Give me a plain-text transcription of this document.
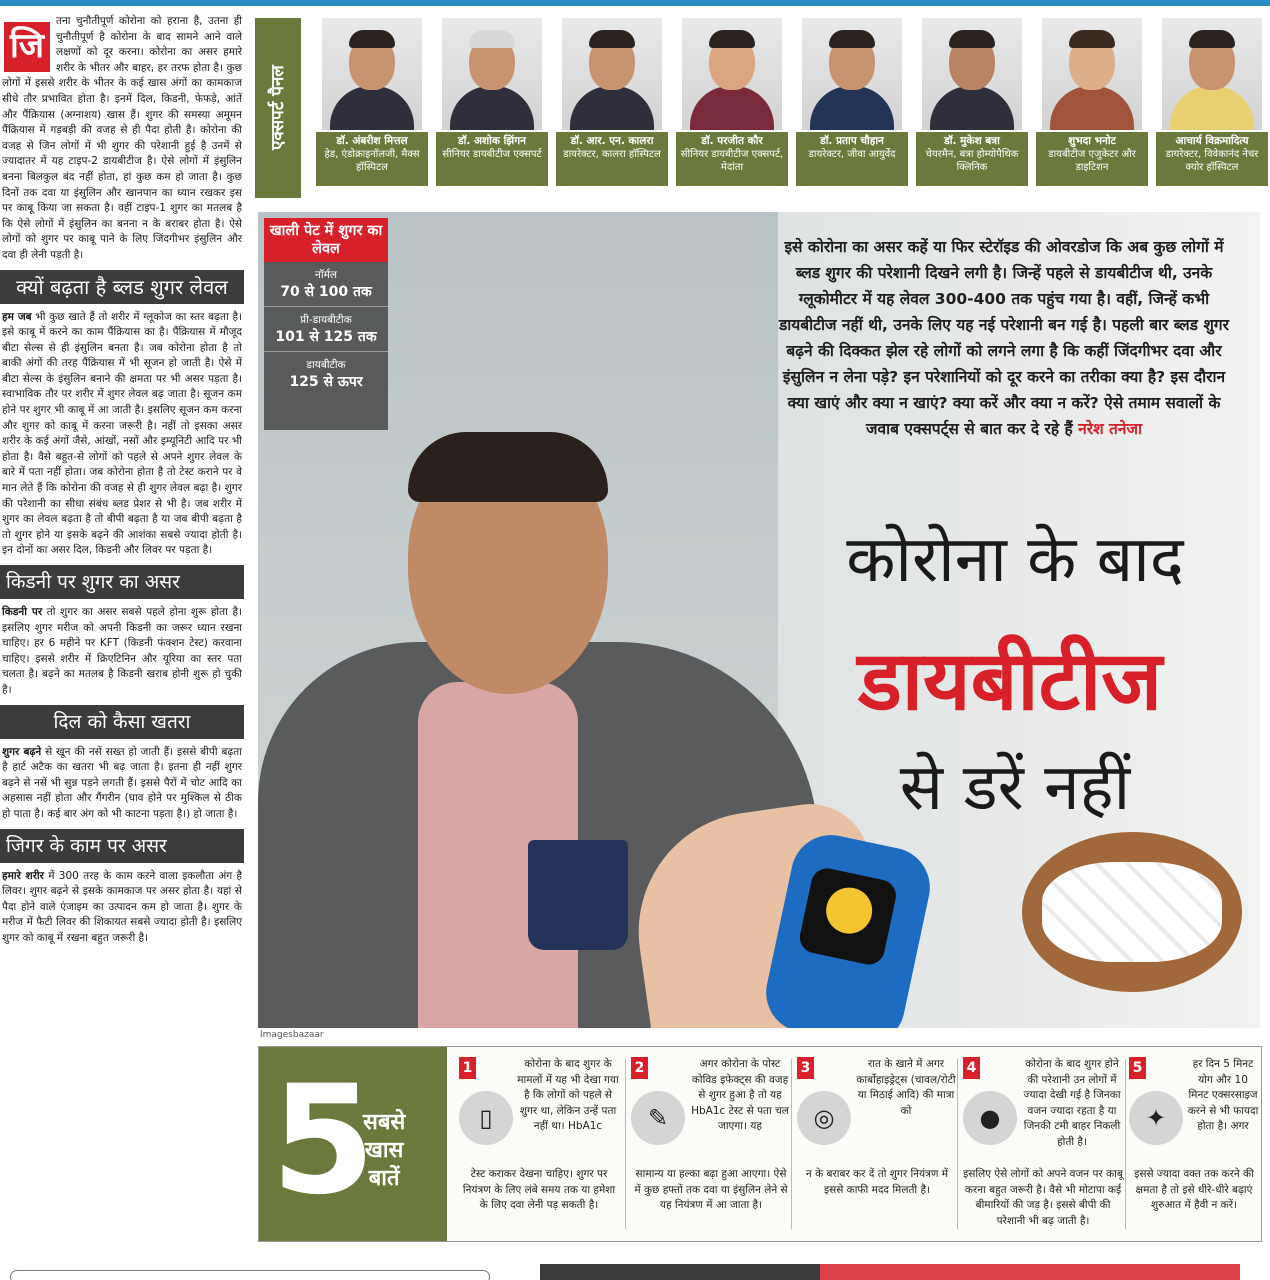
जि

तना चुनौतीपूर्ण कोरोना को हराना है, उतना ही चुनौतीपूर्ण है कोरोना के बाद सामने आने वाले लक्षणों को दूर करना। कोरोना का असर हमारे शरीर के भीतर और बाहर, हर तरफ होता है। कुछ लोगों में इससे शरीर के भीतर के कई खास अंगों का कामकाज सीधे तौर प्रभावित होता है। इनमें दिल, किडनी, फेफड़े, आंतें और पैंक्रियास (अग्नाशय) खास हैं। शुगर की समस्या अमूमन पैंक्रियास में गड़बड़ी की वजह से ही पैदा होती है। कोरोना की वजह से जिन लोगों में भी शुगर की परेशानी हुई है उनमें से ज्यादातर में यह टाइप-2 डायबीटीज है। ऐसे लोगों में इंसुलिन बनना बिलकुल बंद नहीं होता, हां कुछ कम हो जाता है। कुछ दिनों तक दवा या इंसुलिन और खानपान का ध्यान रखकर इस पर काबू किया जा सकता है। वहीं टाइप-1 शुगर का मतलब है कि ऐसे लोगों में इंसुलिन का बनना न के बराबर होता है। ऐसे लोगों को शुगर पर काबू पाने के लिए जिंदगीभर इंसुलिन और दवा ही लेनी पड़ती है।

क्यों बढ़ता है ब्लड शुगर लेवल

हम जब भी कुछ खाते हैं तो शरीर में ग्लूकोज का स्तर बढ़ता है। इसे काबू में करने का काम पैंक्रियास का है। पैंक्रियास में मौजूद बीटा सेल्स से ही इंसुलिन बनता है। जब कोरोना होता है तो बाकी अंगों की तरह पैंक्रियास में भी सूजन हो जाती है। ऐसे में बीटा सेल्स के इंसुलिन बनाने की क्षमता पर भी असर पड़ता है। स्वाभाविक तौर पर शरीर में शुगर लेवल बढ़ जाता है। सूजन कम होने पर शुगर भी काबू में आ जाती है। इसलिए सूजन कम करना और शुगर को काबू में करना जरूरी है। नहीं तो इसका असर शरीर के कई अंगों जैसे, आंखों, नसों और इम्यूनिटी आदि पर भी होता है। वैसे बहुत-से लोगों को पहले से अपने शुगर लेवल के बारे में पता नहीं होता। जब कोरोना होता है तो टेस्ट कराने पर वे मान लेते हैं कि कोरोना की वजह से ही शुगर लेवल बढ़ा है। शुगर की परेशानी का सीधा संबंध ब्लड प्रेशर से भी है। जब शरीर में शुगर का लेवल बढ़ता है तो बीपी बढ़ता है या जब बीपी बढ़ता है तो शुगर होने या इसके बढ़ने की आशंका सबसे ज्यादा होती है। इन दोनों का असर दिल, किडनी और लिवर पर पड़ता है।

किडनी पर शुगर का असर

किडनी पर तो शुगर का असर सबसे पहले होना शुरू होता है। इसलिए शुगर मरीज को अपनी किडनी का जरूर ध्यान रखना चाहिए। हर 6 महीने पर KFT (किडनी फंक्शन टेस्ट) करवाना चाहिए। इससे शरीर में क्रिएटिनिन और यूरिया का स्तर पता चलता है। बढ़ने का मतलब है किडनी खराब होनी शुरू हो चुकी है।

दिल को कैसा खतरा

शुगर बढ़ने से खून की नसें सख्त हो जाती हैं। इससे बीपी बढ़ता है हार्ट अटैक का खतरा भी बढ़ जाता है। इतना ही नहीं शुगर बढ़ने से नसें भी सुन्न पड़ने लगती हैं। इससे पैरों में चोट आदि का अहसास नहीं होता और गैंगरीन (घाव होने पर मुश्किल से ठीक हो पाता है। कई बार अंग को भी काटना पड़ता है।) हो जाता है।

जिगर के काम पर असर

हमारे शरीर में 300 तरह के काम करने वाला इकलौता अंग है लिवर। शुगर बढ़ने से इसके कामकाज पर असर होता है। यहां से पैदा होने वाले एंजाइम का उत्पादन कम हो जाता है। शुगर के मरीज में फैटी लिवर की शिकायत सबसे ज्यादा होती है। इसलिए शुगर को काबू में रखना बहुत जरूरी है।

एक्सपर्ट पैनल	डॉ. अंबरीश मित्तल
हेड, एंडोक्राइनॉलजी, मैक्स हॉस्पिटल
डॉ. अशोक झिंगन
सीनियर डायबीटीज एक्सपर्ट
डॉ. आर. एन. कालरा
डायरेक्टर, कालरा हॉस्पिटल
डॉ. परजीत कौर
सीनियर डायबीटीज एक्सपर्ट, मेदांता
डॉ. प्रताप चौहान
डायरेक्टर, जीवा आयुर्वेद
डॉ. मुकेश बत्रा
चेयरमैन, बत्रा होम्योपैथिक क्लिनिक
शुभदा भनोट
डायबीटीज एजुकेटर और डाइटिशन
आचार्य विक्रमादित्य
डायरेक्टर, विवेकानंद नेचर क्योर हॉस्पिटल
Imagesbazaar
खाली पेट में शुगर का लेवल
नॉर्मल
70 से 100 तक
प्री-डायबीटीक
101 से 125 तक
डायबीटीक
125 से ऊपर
इसे कोरोना का असर कहें या फिर स्टेरॉइड की ओवरडोज कि अब कुछ लोगों में ब्लड शुगर की परेशानी दिखने लगी है। जिन्हें पहले से डायबीटीज थी, उनके ग्लूकोमीटर में यह लेवल 300-400 तक पहुंच गया है। वहीं, जिन्हें कभी डायबीटीज नहीं थी, उनके लिए यह नई परेशानी बन गई है। पहली बार ब्लड शुगर बढ़ने की दिक्कत झेल रहे लोगों को लगने लगा है कि कहीं जिंदगीभर दवा और इंसुलिन न लेना पड़े? इन परेशानियों को दूर करने का तरीका क्या है? इस दौरान क्या खाएं और क्या न खाएं? क्या करें और क्या न करें? ऐसे तमाम सवालों के जवाब एक्सपर्ट्स से बात कर दे रहे हैं नरेश तनेजा
कोरोना के बाद
डायबीटीज
से डरें नहीं
5
सबसे
खास
बातें
1
▯
कोरोना के बाद शुगर के मामलों में यह भी देखा गया है कि लोगों को पहले से शुगर था, लेकिन उन्हें पता नहीं था। HbA1c
टेस्ट कराकर देखना चाहिए। शुगर पर नियंत्रण के लिए लंबे समय तक या हमेशा के लिए दवा लेनी पड़ सकती है।
2
✎
अगर कोरोना के पोस्ट कोविड इफेक्ट्स की वजह से शुगर हुआ है तो यह HbA1c टेस्ट से पता चल जाएगा। यह
सामान्य या हल्का बढ़ा हुआ आएगा। ऐसे में कुछ हफ्तों तक दवा या इंसुलिन लेने से यह नियंत्रण में आ जाता है।
3
◎
रात के खाने में अगर कार्बोहाइड्रेट्स (चावल/रोटी या मिठाई आदि) की मात्रा को
न के बराबर कर दें तो शुगर नियंत्रण में इससे काफी मदद मिलती है।
4
●
कोरोना के बाद शुगर होने की परेशानी उन लोगों में ज्यादा देखी गई है जिनका वजन ज्यादा रहता है या जिनकी टमी बाहर निकली होती है।
इसलिए ऐसे लोगों को अपने वजन पर काबू करना बहुत जरूरी है। वैसे भी मोटापा कई बीमारियों की जड़ है। इससे बीपी की परेशानी भी बढ़ जाती है।
5
✦
हर दिन 5 मिनट योग और 10 मिनट एक्सरसाइज करने से भी फायदा होता है। अगर
इससे ज्यादा वक्त तक करने की क्षमता है तो इसे धीरे-धीरे बढ़ाएं शुरुआत में हैवी न करें।
